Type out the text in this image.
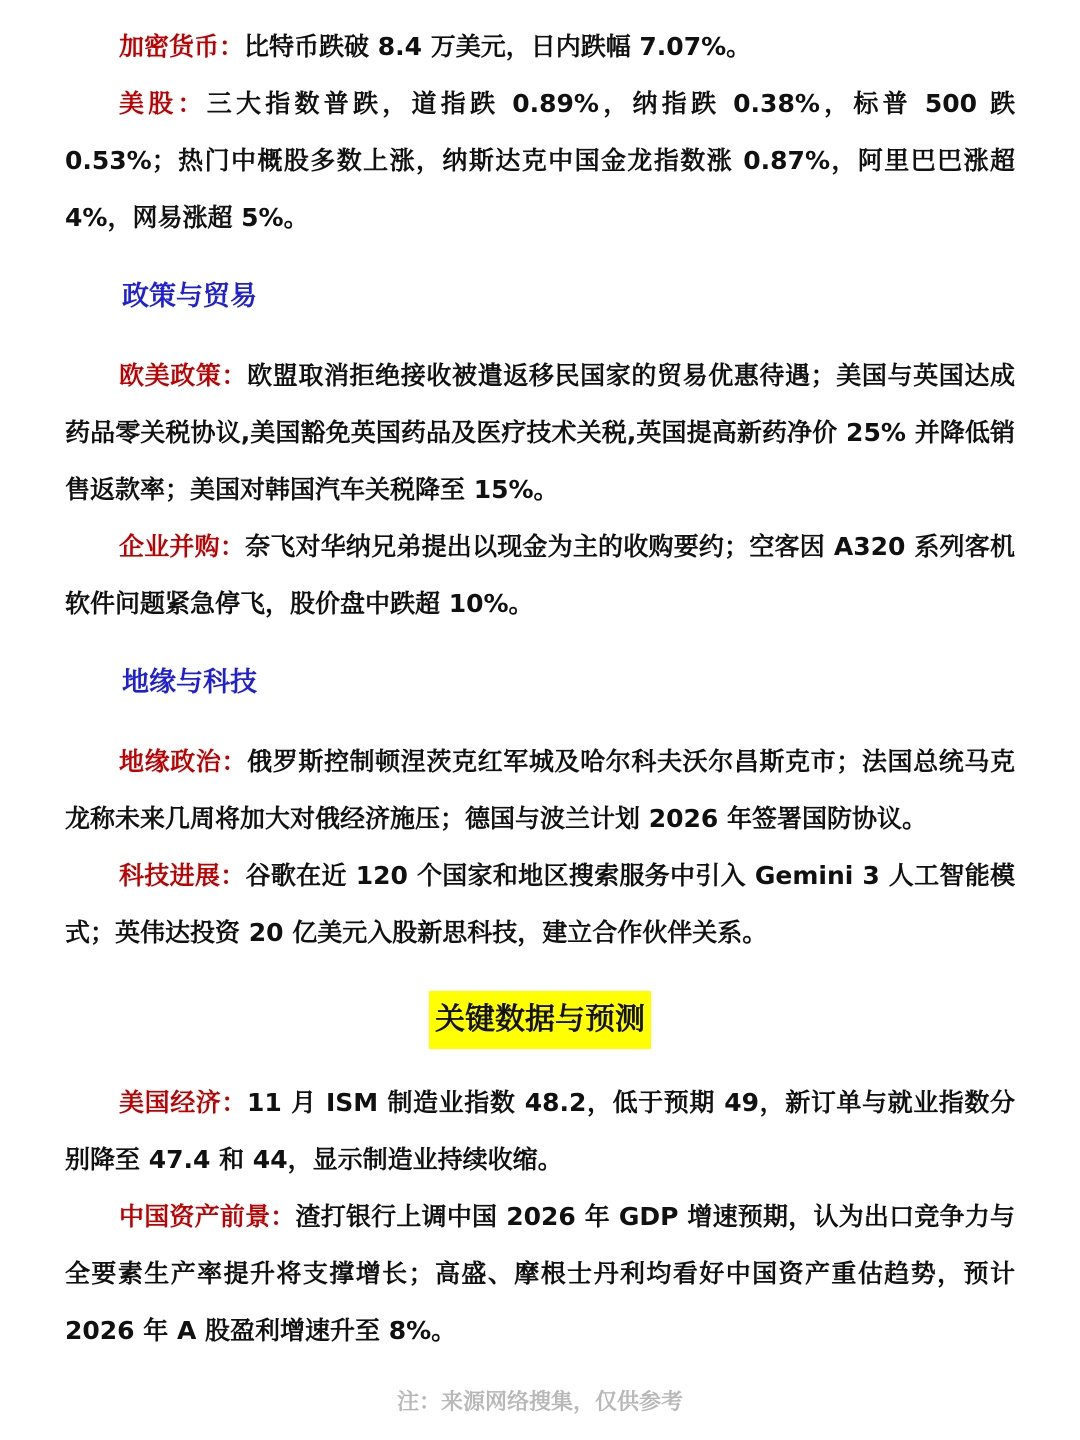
加密货币：比特币跌破 8.4 万美元，日内跌幅 7.07%。

美股：三大指数普跌，道指跌 0.89%，纳指跌 0.38%，标普 500 跌 0.53%；热门中概股多数上涨，纳斯达克中国金龙指数涨 0.87%，阿里巴巴涨超 4%，网易涨超 5%。

政策与贸易

欧美政策：欧盟取消拒绝接收被遣返移民国家的贸易优惠待遇；美国与英国达成药品零关税协议,美国豁免英国药品及医疗技术关税,英国提高新药净价 25% 并降低销售返款率；美国对韩国汽车关税降至 15%。

企业并购：奈飞对华纳兄弟提出以现金为主的收购要约；空客因 A320 系列客机软件问题紧急停飞，股价盘中跌超 10%。

地缘与科技

地缘政治：俄罗斯控制顿涅茨克红军城及哈尔科夫沃尔昌斯克市；法国总统马克龙称未来几周将加大对俄经济施压；德国与波兰计划 2026 年签署国防协议。

科技进展：谷歌在近 120 个国家和地区搜索服务中引入 Gemini 3 人工智能模式；英伟达投资 20 亿美元入股新思科技，建立合作伙伴关系。

关键数据与预测

美国经济：11 月 ISM 制造业指数 48.2，低于预期 49，新订单与就业指数分别降至 47.4 和 44，显示制造业持续收缩。

中国资产前景：渣打银行上调中国 2026 年 GDP 增速预期，认为出口竞争力与全要素生产率提升将支撑增长；高盛、摩根士丹利均看好中国资产重估趋势，预计 2026 年 A 股盈利增速升至 8%。

注：来源网络搜集，仅供参考
